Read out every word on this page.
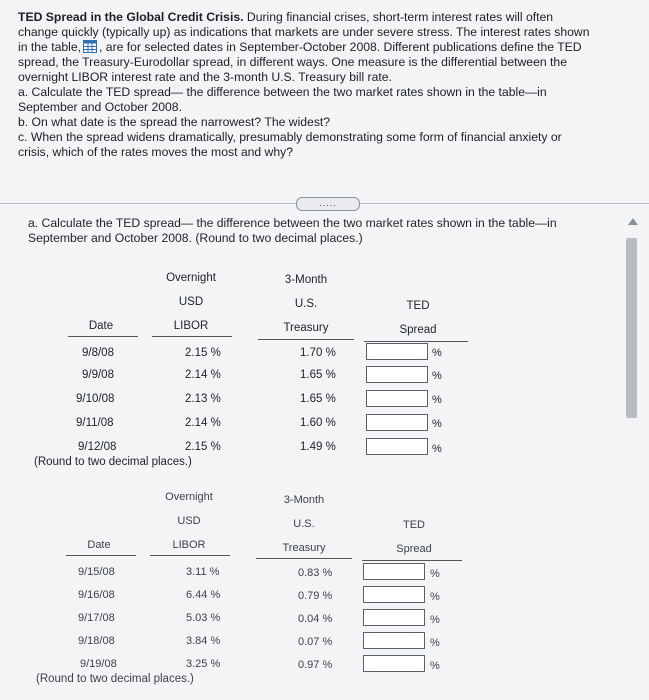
TED Spread in the Global Credit Crisis. During financial crises, short-term interest rates will often
change quickly (typically up) as indications that markets are under severe stress. The interest rates shown
in the table, , are for selected dates in September-October 2008. Different publications define the TED
spread, the Treasury-Eurodollar spread, in different ways. One measure is the differential between the
overnight LIBOR interest rate and the 3-month U.S. Treasury bill rate.
a. Calculate the TED spread— the difference between the two market rates shown in the table—in
September and October 2008.
b. On what date is the spread the narrowest? The widest?
c. When the spread widens dramatically, presumably demonstrating some form of financial anxiety or
crisis, which of the rates moves the most and why?
.....
a. Calculate the TED spread— the difference between the two market rates shown in the table—in
September and October 2008. (Round to two decimal places.)
Overnight
USD
LIBOR
3-Month
U.S.
Treasury
TED
Spread
Date
9/8/08	2.15 %	1.70 %	%
9/9/08	2.14 %	1.65 %	%
9/10/08	2.13 %	1.65 %	%
9/11/08	2.14 %	1.60 %	%
9/12/08	2.15 %	1.49 %	%
(Round to two decimal places.)
Overnight
USD
LIBOR
3-Month
U.S.
Treasury
TED
Spread
Date
9/15/08	3.11 %	0.83 %	%
9/16/08	6.44 %	0.79 %	%
9/17/08	5.03 %	0.04 %	%
9/18/08	3.84 %	0.07 %	%
9/19/08	3.25 %	0.97 %	%
(Round to two decimal places.)
